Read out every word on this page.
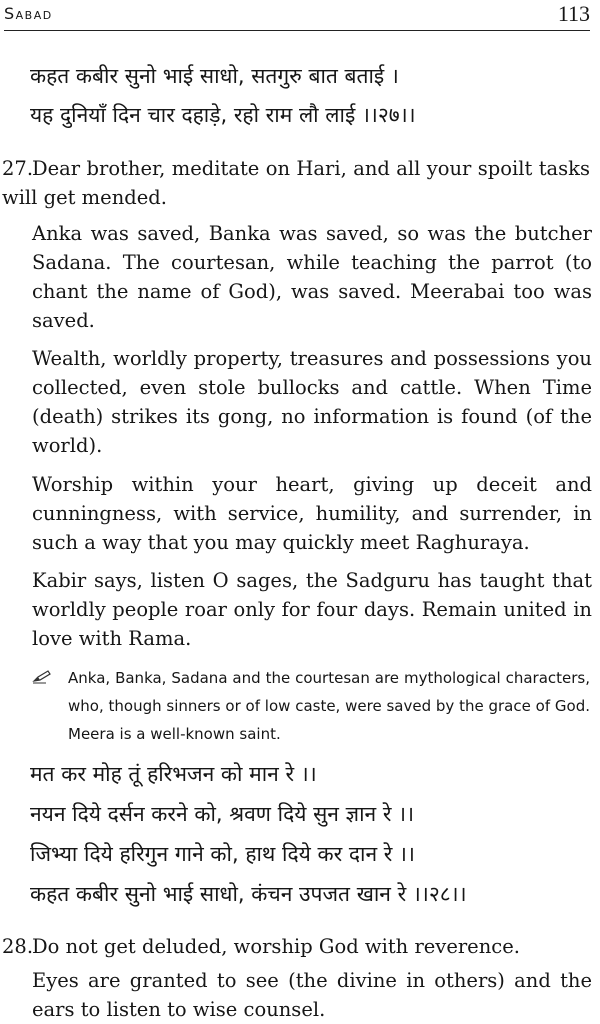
Sabad	113
कहत कबीर सुनो भाई साधो, सतगुरु बात बताई ।
यह दुनियाँ दिन चार दहाड़े, रहो राम लौ लाई ।।२७।।
27.Dear brother, meditate on Hari, and all your spoilt tasks will get mended.
Anka was saved, Banka was saved, so was the butcher Sadana. The courtesan, while teaching the parrot (to chant the name of God), was saved. Meerabai too was saved.
Wealth, worldly property, treasures and possessions you collected, even stole bullocks and cattle. When Time (death) strikes its gong, no information is found (of the world).
Worship within your heart, giving up deceit and cunningness, with service, humility, and surrender, in such a way that you may quickly meet Raghuraya.
Kabir says, listen O sages, the Sadguru has taught that worldly people roar only for four days. Remain united in love with Rama.
Anka, Banka, Sadana and the courtesan are mythological characters, who, though sinners or of low caste, were saved by the grace of God. Meera is a well-known saint.
मत कर मोह तूं हरिभजन को मान रे ।।
नयन दिये दर्सन करने को, श्रवण दिये सुन ज्ञान रे ।।
जिभ्या दिये हरिगुन गाने को, हाथ दिये कर दान रे ।।
कहत कबीर सुनो भाई साधो, कंचन उपजत खान रे ।।२८।।
28.Do not get deluded, worship God with reverence.
Eyes are granted to see (the divine in others) and the ears to listen to wise counsel.
